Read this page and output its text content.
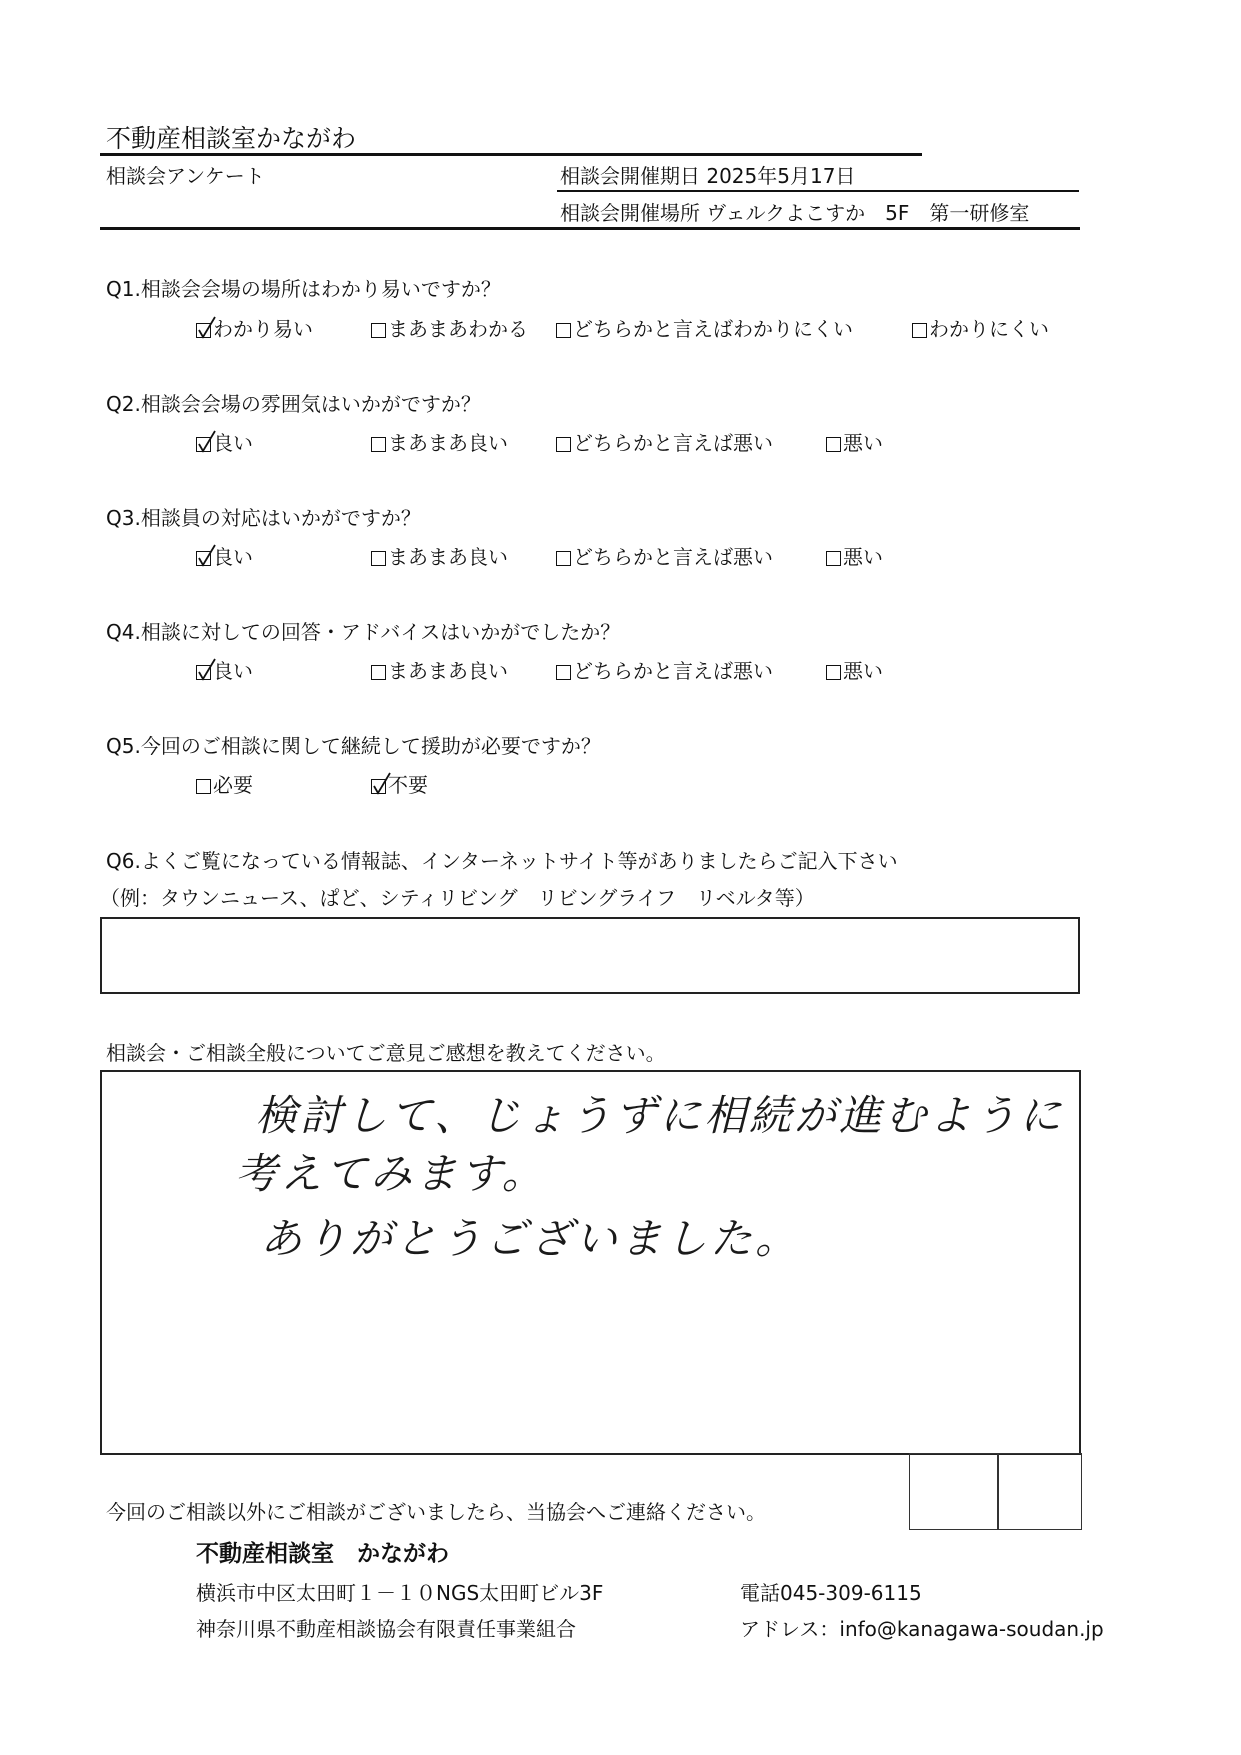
不動産相談室かながわ
相談会アンケート	相談会開催期日 2025年5月17日
相談会開催場所 ヴェルクよこすか　5F　第一研修室
Q1.相談会会場の場所はわかり易いですか？
わかり易い	まあまあわかる	どちらかと言えばわかりにくい	わかりにくい
Q2.相談会会場の雰囲気はいかがですか？
良い	まあまあ良い	どちらかと言えば悪い	悪い
Q3.相談員の対応はいかがですか？
良い	まあまあ良い	どちらかと言えば悪い	悪い
Q4.相談に対しての回答・アドバイスはいかがでしたか？
良い	まあまあ良い	どちらかと言えば悪い	悪い
Q5.今回のご相談に関して継続して援助が必要ですか？
必要	不要
Q6.よくご覧になっている情報誌、インターネットサイト等がありましたらご記入下さい
（例：タウンニュース、ぱど、シティリビング　リビングライフ　リベルタ等）
相談会・ご相談全般についてご意見ご感想を教えてください。
検討して、じょうずに相続が進むように
考えてみます。
ありがとうございました。
今回のご相談以外にご相談がございましたら、当協会へご連絡ください。
不動産相談室　かながわ
横浜市中区太田町１－１０NGS太田町ビル3F	電話045-309-6115
神奈川県不動産相談協会有限責任事業組合	アドレス：info@kanagawa-soudan.jp
